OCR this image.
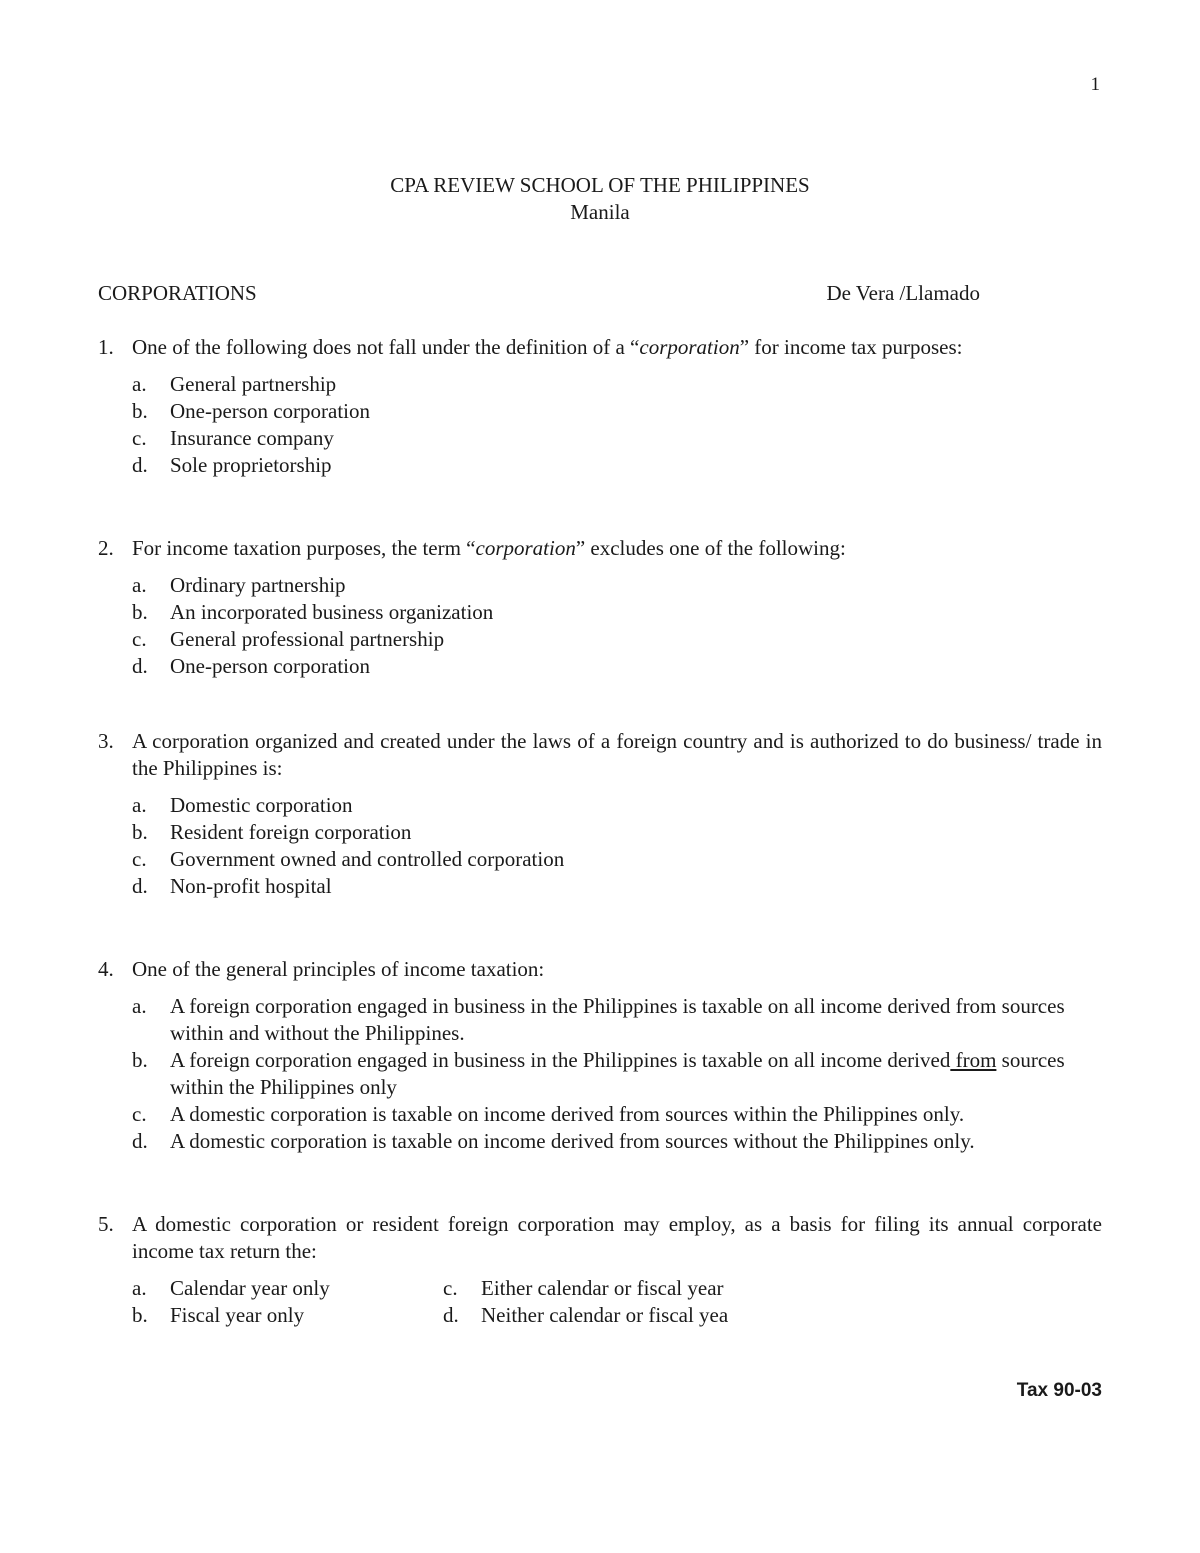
1
CPA REVIEW SCHOOL OF THE PHILIPPINES
Manila
CORPORATIONS	De Vera /Llamado
1. One of the following does not fall under the definition of a “corporation” for income tax purposes:
a.	General partnership
b.	One-person corporation
c.	Insurance company
d.	Sole proprietorship
2. For income taxation purposes, the term “corporation” excludes one of the following:
a.	Ordinary partnership
b.	An incorporated business organization
c.	General professional partnership
d.	One-person corporation
3. A corporation organized and created under the laws of a foreign country and is authorized to do business/ trade in the Philippines is:
a.	Domestic corporation
b.	Resident foreign corporation
c.	Government owned and controlled corporation
d.	Non-profit hospital
4. One of the general principles of income taxation:
a.	A foreign corporation engaged in business in the Philippines is taxable on all income derived from sources within and without the Philippines.
b.	A foreign corporation engaged in business in the Philippines is taxable on all income derived from sources within the Philippines only
c.	A domestic corporation is taxable on income derived from sources within the Philippines only.
d.	A domestic corporation is taxable on income derived from sources without the Philippines only.
5. A domestic corporation or resident foreign corporation may employ, as a basis for filing its annual corporate income tax return the:
a.	Calendar year only	c.	Either calendar or fiscal year
b.	Fiscal year only	d.	Neither calendar or fiscal yea
Tax 90-03
